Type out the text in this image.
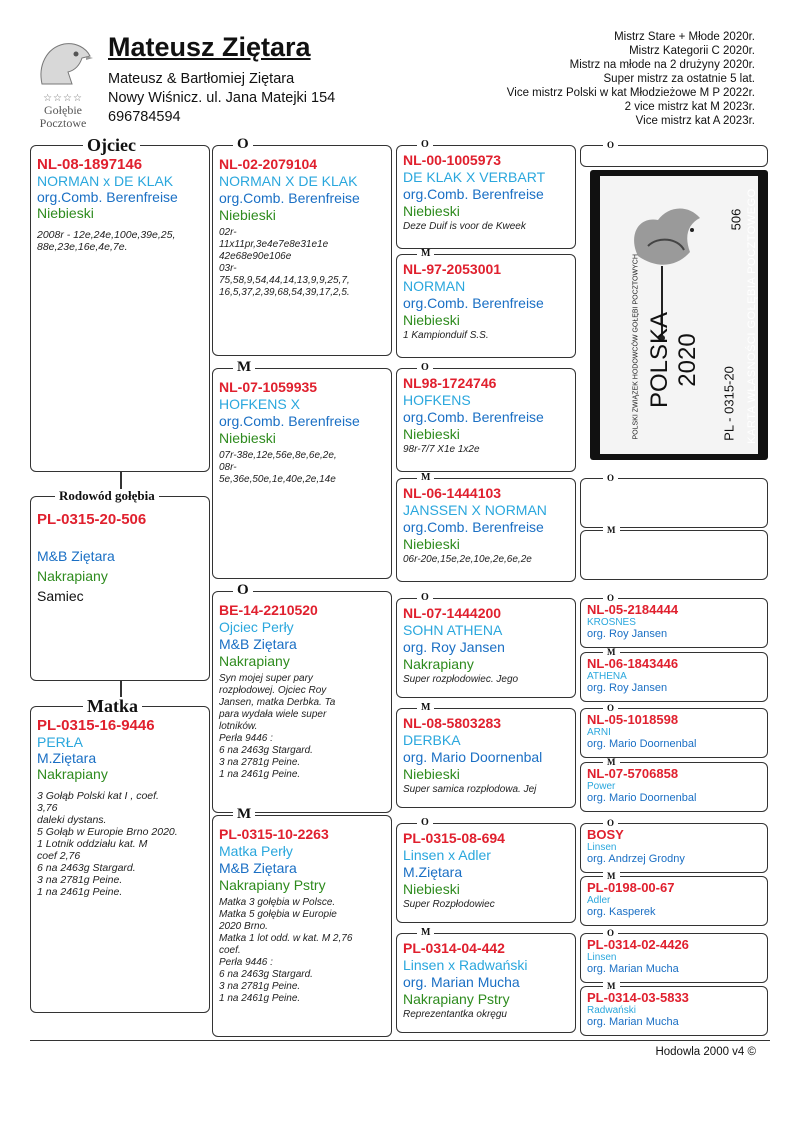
☆☆☆☆
Gołębie
Pocztowe
Mateusz Ziętara
Mateusz & Bartłomiej Ziętara
Nowy Wiśnicz. ul. Jana Matejki 154
696784594
Mistrz Stare + Młode 2020r.
Mistrz Kategorii C 2020r.
Mistrz na młode na 2 drużyny 2020r.
Super mistrz za ostatnie 5 lat.
Vice mistrz Polski w kat Młodzieżowe M P 2022r.
2 vice mistrz kat M 2023r.
Vice mistrz kat A 2023r.
Ojciec
NL-08-1897146
NORMAN x DE KLAK
org.Comb. Berenfreise
Niebieski
2008r - 12e,24e,100e,39e,25,
88e,23e,16e,4e,7e.
Rodowód gołębia
PL-0315-20-506
M&B Ziętara
Nakrapiany
Samiec
Matka
PL-0315-16-9446
PERŁA
M.Ziętara
Nakrapiany
3 Gołąb Polski kat I , coef.
3,76
daleki dystans.
5 Gołąb w Europie Brno 2020.
1 Lotnik oddziału kat. M
coef 2,76
6 na 2463g Stargard.
3 na 2781g Peine.
1 na 2461g Peine.
O
NL-02-2079104
NORMAN X DE KLAK
org.Comb. Berenfreise
Niebieski
02r-
11x11pr,3e4e7e8e31e1e
42e68e90e106e
03r-
75,58,9,54,44,14,13,9,9,25,7,
16,5,37,2,39,68,54,39,17,2,5.
M
NL-07-1059935
HOFKENS X
org.Comb. Berenfreise
Niebieski
07r-38e,12e,56e,8e,6e,2e,
08r-
5e,36e,50e,1e,40e,2e,14e
O
BE-14-2210520
Ojciec Perły
M&B Ziętara
Nakrapiany
Syn mojej super pary
rozpłodowej. Ojciec Roy
Jansen, matka Derbka. Ta
para wydała wiele super
lotników.
Perła 9446 :
6 na 2463g Stargard.
3 na 2781g Peine.
1 na 2461g Peine.
M
PL-0315-10-2263
Matka Perły
M&B Ziętara
Nakrapiany Pstry
Matka 3 gołębia w Polsce.
Matka 5 gołębia w Europie
2020 Brno.
Matka 1 lot odd. w kat. M 2,76
coef.
Perła 9446 :
6 na 2463g Stargard.
3 na 2781g Peine.
1 na 2461g Peine.
O
NL-00-1005973
DE KLAK X VERBART
org.Comb. Berenfreise
Niebieski
Deze Duif is voor de Kweek
M
NL-97-2053001
NORMAN
org.Comb. Berenfreise
Niebieski
1 Kampionduif S.S.
O
NL98-1724746
HOFKENS
org.Comb. Berenfreise
Niebieski
98r-7/7 X1e 1x2e
M
NL-06-1444103
JANSSEN X NORMAN
org.Comb. Berenfreise
Niebieski
06r-20e,15e,2e,10e,2e,6e,2e
O
NL-07-1444200
SOHN ATHENA
org. Roy Jansen
Nakrapiany
Super rozpłodowiec. Jego
M
NL-08-5803283
DERBKA
org. Mario Doornenbal
Niebieski
Super samica rozpłodowa. Jej
O
PL-0315-08-694
Linsen x Adler
M.Ziętara
Niebieski
Super Rozpłodowiec
M
PL-0314-04-442
Linsen x Radwański
org. Marian Mucha
Nakrapiany Pstry
Reprezentantka okręgu
O
NL-05-2184444
KROSNES
org. Roy Jansen
M
NL-06-1843446
ATHENA
org. Roy Jansen
O
NL-05-1018598
ARNI
org. Mario Doornenbal
M
NL-07-5706858
Power
org. Mario Doornenbal
O
BOSY
Linsen
org. Andrzej Grodny
M
PL-0198-00-67
Adler
org. Kasperek
O
PL-0314-02-4426
Linsen
org. Marian Mucha
M
PL-0314-03-5833
Radwański
org. Marian Mucha
O
O
M
POLSKI ZWIĄZEK HODOWCÓW GOŁĘBI POCZTOWYCH POLSKA 2020
PL - 0315-20
506 KARTA WŁASNOŚCI GOŁĘBIA POCZTOWEGO
Hodowla 2000 v4 ©
